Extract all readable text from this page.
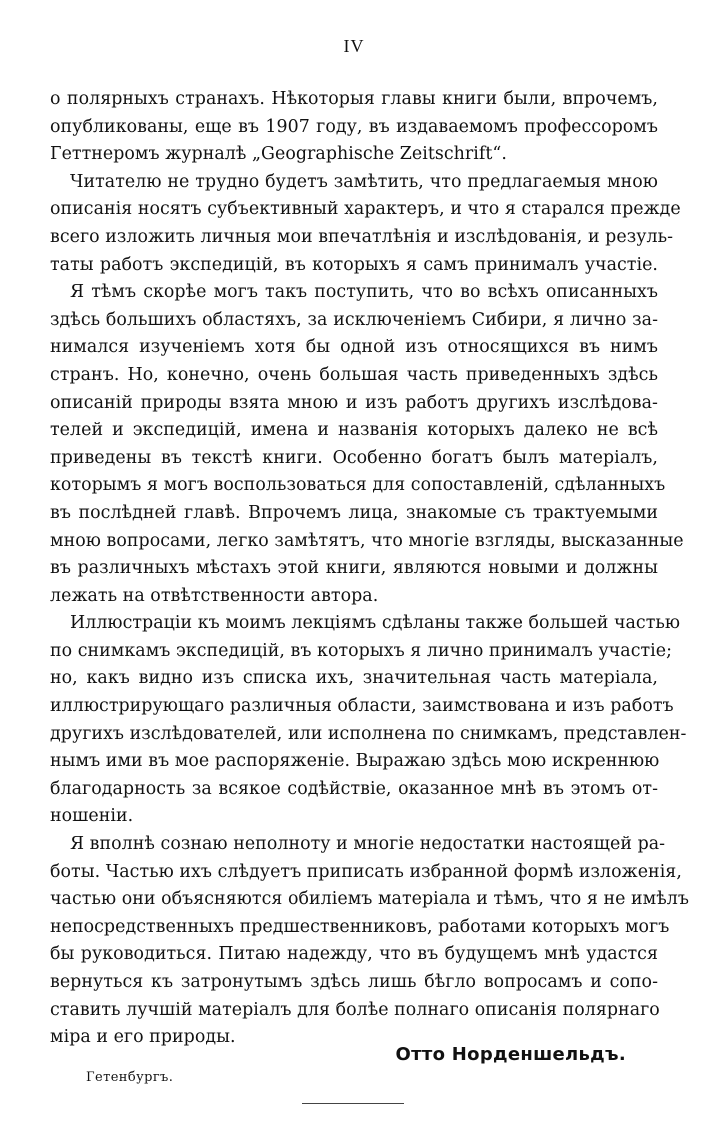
IV
о полярныхъ странахъ. Нѣкоторыя главы книги были, впрочемъ,
опубликованы, еще въ 1907 году, въ издаваемомъ профессоромъ
Геттнеромъ журналѣ „Geographische Zeitschrift“.
Читателю не трудно будетъ замѣтить, что предлагаемыя мною
описанія носятъ субъективный характеръ, и что я старался прежде
всего изложить личныя мои впечатлѣнія и изслѣдованія, и резуль-
таты работъ экспедицій, въ которыхъ я самъ принималъ участіе.
Я тѣмъ скорѣе могъ такъ поступить, что во всѣхъ описанныхъ
здѣсь большихъ областяхъ, за исключеніемъ Сибири, я лично за-
нимался изученіемъ хотя бы одной изъ относящихся въ нимъ
странъ. Но, конечно, очень большая часть приведенныхъ здѣсь
описаній природы взята мною и изъ работъ другихъ изслѣдова-
телей и экспедицій, имена и названія которыхъ далеко не всѣ
приведены въ текстѣ книги. Особенно богатъ былъ матеріалъ,
которымъ я могъ воспользоваться для сопоставленій, сдѣланныхъ
въ послѣдней главѣ. Впрочемъ лица, знакомые съ трактуемыми
мною вопросами, легко замѣтятъ, что многіе взгляды, высказанные
въ различныхъ мѣстахъ этой книги, являются новыми и должны
лежать на отвѣтственности автора.
Иллюстраціи къ моимъ лекціямъ сдѣланы также большей частью
по снимкамъ экспедицій, въ которыхъ я лично принималъ участіе;
но, какъ видно изъ списка ихъ, значительная часть матеріала,
иллюстрирующаго различныя области, заимствована и изъ работъ
другихъ изслѣдователей, или исполнена по снимкамъ, представлен-
нымъ ими въ мое распоряженіе. Выражаю здѣсь мою искреннюю
благодарность за всякое содѣйствіе, оказанное мнѣ въ этомъ от-
ношеніи.
Я вполнѣ сознаю неполноту и многіе недостатки настоящей ра-
боты. Частью ихъ слѣдуетъ приписать избранной формѣ изложенія,
частью они объясняются обиліемъ матеріала и тѣмъ, что я не имѣлъ
непосредственныхъ предшественниковъ, работами которыхъ могъ
бы руководиться. Питаю надежду, что въ будущемъ мнѣ удастся
вернуться къ затронутымъ здѣсь лишь бѣгло вопросамъ и сопо-
ставить лучшій матеріалъ для болѣе полнаго описанія полярнаго
міра и его природы.
Отто Норденшельдъ.
Гетенбургъ.
